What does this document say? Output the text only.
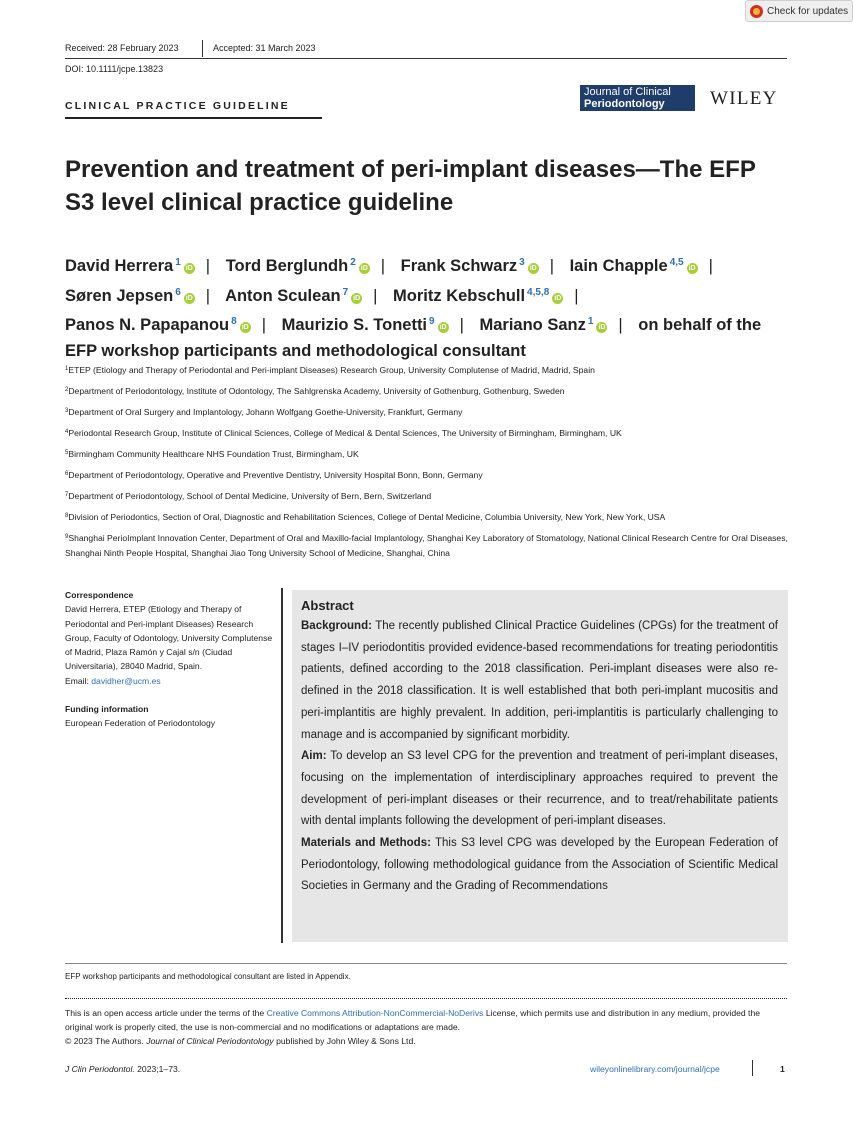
Check for updates
Received: 28 February 2023	Accepted: 31 March 2023
DOI: 10.1111/jcpe.13823
CLINICAL PRACTICE GUIDELINE
Journal of Clinical
Periodontology	WILEY
Prevention and treatment of peri-implant diseases—The EFP S3 level clinical practice guideline
David Herrera $^1$iD | Tord Berglundh $^2$iD | Frank Schwarz $^3$iD | Iain Chapple $^{4,5}$iD |
Søren Jepsen $^6$iD | Anton Sculean $^7$iD | Moritz Kebschull $^{4,5,8}$iD |
Panos N. Papapanou $^8$iD | Maurizio S. Tonetti $^9$iD | Mariano Sanz $^1$iD | on behalf of the EFP workshop participants and methodological consultant
$^1$ETEP (Etiology and Therapy of Periodontal and Peri-implant Diseases) Research Group, University Complutense of Madrid, Madrid, Spain
$^2$Department of Periodontology, Institute of Odontology, The Sahlgrenska Academy, University of Gothenburg, Gothenburg, Sweden
$^3$Department of Oral Surgery and Implantology, Johann Wolfgang Goethe-University, Frankfurt, Germany
$^4$Periodontal Research Group, Institute of Clinical Sciences, College of Medical & Dental Sciences, The University of Birmingham, Birmingham, UK
$^5$Birmingham Community Healthcare NHS Foundation Trust, Birmingham, UK
$^6$Department of Periodontology, Operative and Preventive Dentistry, University Hospital Bonn, Bonn, Germany
$^7$Department of Periodontology, School of Dental Medicine, University of Bern, Bern, Switzerland
$^8$Division of Periodontics, Section of Oral, Diagnostic and Rehabilitation Sciences, College of Dental Medicine, Columbia University, New York, New York, USA
$^9$Shanghai PerioImplant Innovation Center, Department of Oral and Maxillo-facial Implantology, Shanghai Key Laboratory of Stomatology, National Clinical Research Centre for Oral Diseases, Shanghai Ninth People Hospital, Shanghai Jiao Tong University School of Medicine, Shanghai, China
Correspondence
David Herrera, ETEP (Etiology and Therapy of Periodontal and Peri-implant Diseases) Research Group, Faculty of Odontology, University Complutense of Madrid, Plaza Ramón y Cajal s/n (Ciudad Universitaria), 28040 Madrid, Spain.
Email: davidher@ucm.es
Funding information
European Federation of Periodontology
Abstract
Background: The recently published Clinical Practice Guidelines (CPGs) for the treatment of stages I–IV periodontitis provided evidence-based recommendations for treating periodontitis patients, defined according to the 2018 classification. Peri-implant diseases were also re-defined in the 2018 classification. It is well established that both peri-implant mucositis and peri-implantitis are highly prevalent. In addition, peri-implantitis is particularly challenging to manage and is accompanied by significant morbidity.
Aim: To develop an S3 level CPG for the prevention and treatment of peri-implant diseases, focusing on the implementation of interdisciplinary approaches required to prevent the development of peri-implant diseases or their recurrence, and to treat/rehabilitate patients with dental implants following the development of peri-implant diseases.
Materials and Methods: This S3 level CPG was developed by the European Federation of Periodontology, following methodological guidance from the Association of Scientific Medical Societies in Germany and the Grading of Recommendations
EFP workshop participants and methodological consultant are listed in Appendix.
This is an open access article under the terms of the Creative Commons Attribution-NonCommercial-NoDerivs License, which permits use and distribution in any medium, provided the original work is properly cited, the use is non-commercial and no modifications or adaptations are made.
© 2023 The Authors. Journal of Clinical Periodontology published by John Wiley & Sons Ltd.
J Clin Periodontol. 2023;1–73.	wileyonlinelibrary.com/journal/jcpe	1
